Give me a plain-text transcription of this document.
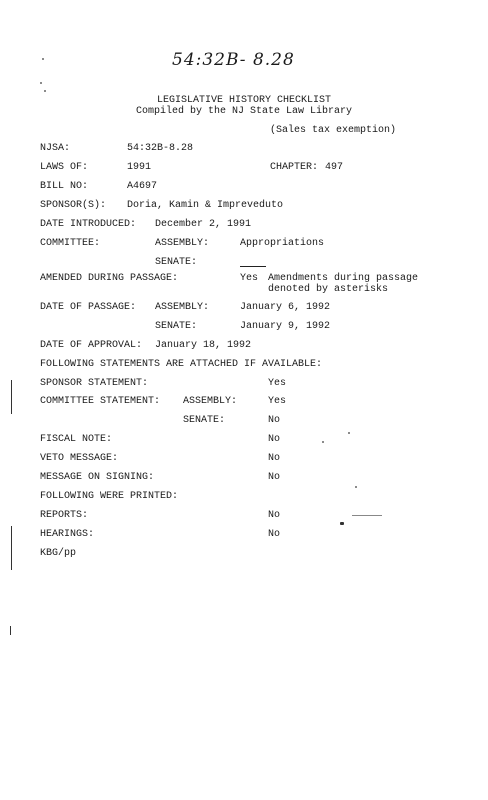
54:32B- 8.28
LEGISLATIVE HISTORY CHECKLIST
Compiled by the NJ State Law Library
(Sales tax exemption)
NJSA:	54:32B-8.28
LAWS OF:	1991	CHAPTER: 497
BILL NO:	A4697
SPONSOR(S): Doria, Kamin & Impreveduto
DATE INTRODUCED: December 2, 1991
COMMITTEE:	ASSEMBLY:	Appropriations
SENATE:
AMENDED DURING PASSAGE:	Yes Amendments during passage
denoted by asterisks
DATE OF PASSAGE: ASSEMBLY:	January 6, 1992
SENATE:	January 9, 1992
DATE OF APPROVAL: January 18, 1992
FOLLOWING STATEMENTS ARE ATTACHED IF AVAILABLE:
SPONSOR STATEMENT:	Yes
COMMITTEE STATEMENT: ASSEMBLY:	Yes
SENATE:	No
FISCAL NOTE:	No
VETO MESSAGE:	No
MESSAGE ON SIGNING:	No
FOLLOWING WERE PRINTED:
REPORTS:	No
HEARINGS:	No
KBG/pp
